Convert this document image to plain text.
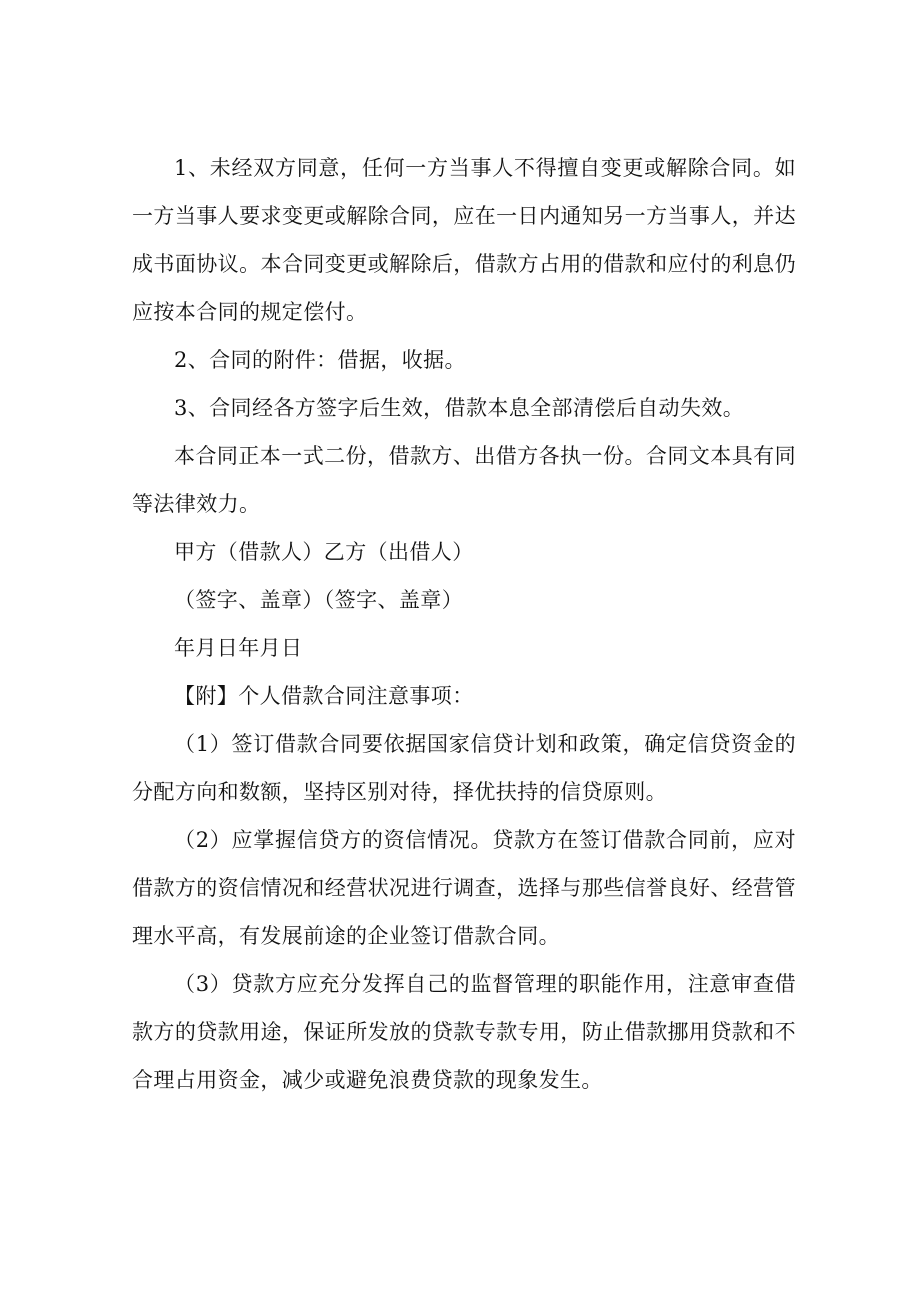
1、未经双方同意，任何一方当事人不得擅自变更或解除合同。如一方当事人要求变更或解除合同，应在一日内通知另一方当事人，并达成书面协议。本合同变更或解除后，借款方占用的借款和应付的利息仍应按本合同的规定偿付。

2、合同的附件：借据，收据。

3、合同经各方签字后生效，借款本息全部清偿后自动失效。

本合同正本一式二份，借款方、出借方各执一份。合同文本具有同等法律效力。

甲方（借款人）乙方（出借人）

（签字、盖章）（签字、盖章）

年月日年月日

【附】个人借款合同注意事项：

（1）签订借款合同要依据国家信贷计划和政策，确定信贷资金的分配方向和数额，坚持区别对待，择优扶持的信贷原则。

（2）应掌握信贷方的资信情况。贷款方在签订借款合同前，应对借款方的资信情况和经营状况进行调查，选择与那些信誉良好、经营管理水平高，有发展前途的企业签订借款合同。

（3）贷款方应充分发挥自己的监督管理的职能作用，注意审查借款方的贷款用途，保证所发放的贷款专款专用，防止借款挪用贷款和不合理占用资金，减少或避免浪费贷款的现象发生。
